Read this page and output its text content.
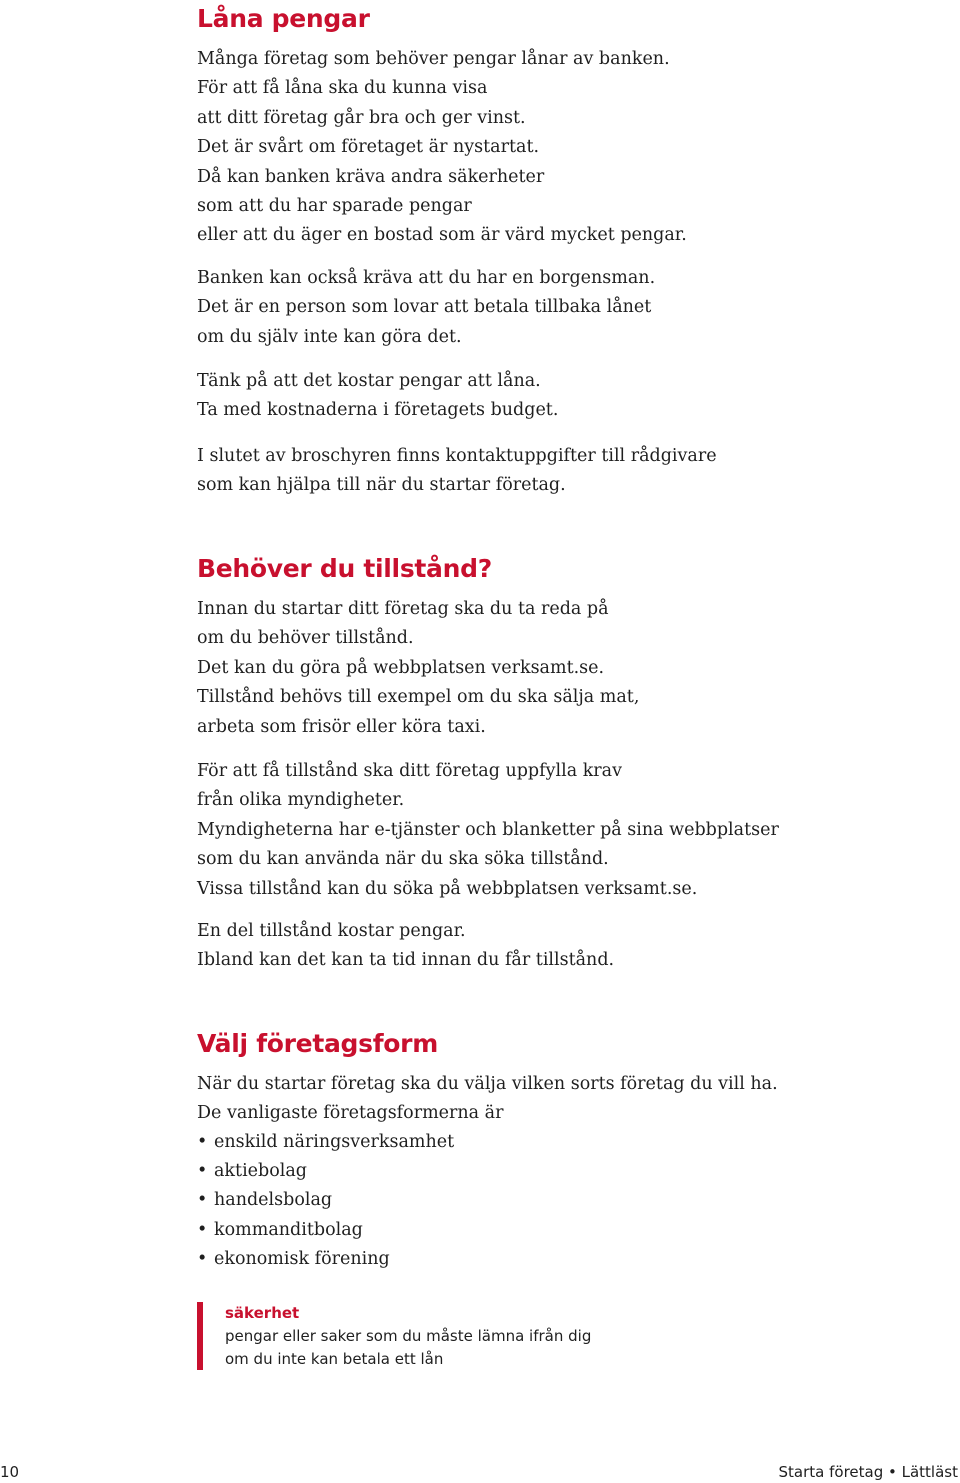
Låna pengar

Många företag som behöver pengar lånar av banken.
För att få låna ska du kunna visa
att ditt företag går bra och ger vinst.
Det är svårt om företaget är nystartat.
Då kan banken kräva andra säkerheter
som att du har sparade pengar
eller att du äger en bostad som är värd mycket pengar.

Banken kan också kräva att du har en borgensman.
Det är en person som lovar att betala tillbaka lånet
om du själv inte kan göra det.

Tänk på att det kostar pengar att låna.
Ta med kostnaderna i företagets budget.

I slutet av broschyren finns kontaktuppgifter till rådgivare
som kan hjälpa till när du startar företag.

Behöver du tillstånd?

Innan du startar ditt företag ska du ta reda på
om du behöver tillstånd.
Det kan du göra på webbplatsen verksamt.se.
Tillstånd behövs till exempel om du ska sälja mat,
arbeta som frisör eller köra taxi.

För att få tillstånd ska ditt företag uppfylla krav
från olika myndigheter.
Myndigheterna har e-tjänster och blanketter på sina webbplatser
som du kan använda när du ska söka tillstånd.
Vissa tillstånd kan du söka på webbplatsen verksamt.se.

En del tillstånd kostar pengar.
Ibland kan det kan ta tid innan du får tillstånd.

Välj företagsform

När du startar företag ska du välja vilken sorts företag du vill ha.
De vanligaste företagsformerna är

• enskild näringsverksamhet
• aktiebolag
• handelsbolag
• kommanditbolag
• ekonomisk förening
säkerhet
pengar eller saker som du måste lämna ifrån dig
om du inte kan betala ett lån
10	Starta företag • Lättläst
